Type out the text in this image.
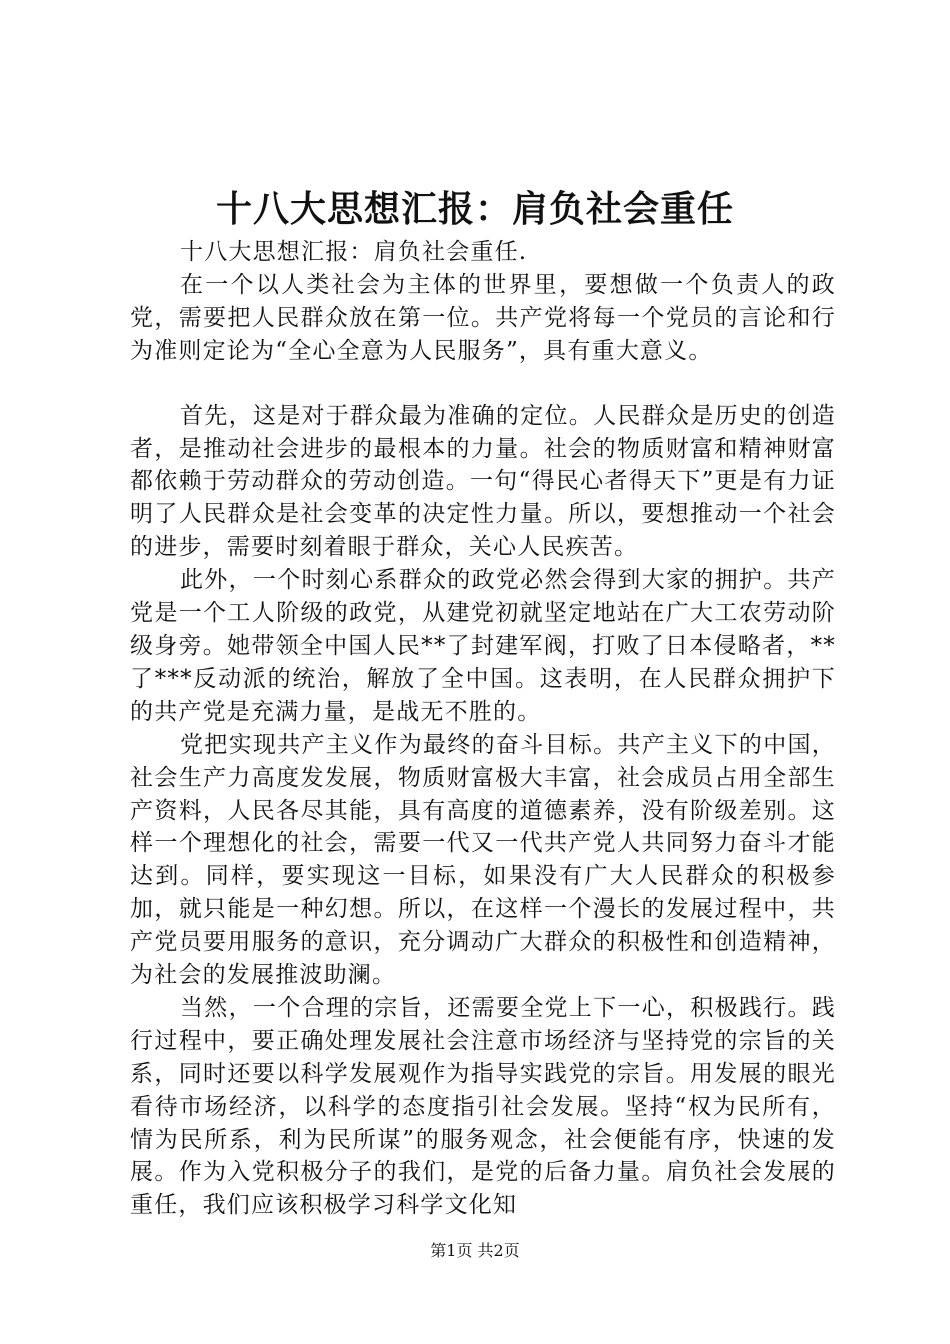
十八大思想汇报：肩负社会重任

十八大思想汇报：肩负社会重任.

在一个以人类社会为主体的世界里，要想做一个负责人的政党，需要把人民群众放在第一位。共产党将每一个党员的言论和行为准则定论为“全心全意为人民服务”，具有重大意义。

首先，这是对于群众最为准确的定位。人民群众是历史的创造者，是推动社会进步的最根本的力量。社会的物质财富和精神财富都依赖于劳动群众的劳动创造。一句“得民心者得天下”更是有力证明了人民群众是社会变革的决定性力量。所以，要想推动一个社会的进步，需要时刻着眼于群众，关心人民疾苦。

此外，一个时刻心系群众的政党必然会得到大家的拥护。共产党是一个工人阶级的政党，从建党初就坚定地站在广大工农劳动阶级身旁。她带领全中国人民**了封建军阀，打败了日本侵略者，**了***反动派的统治，解放了全中国。这表明，在人民群众拥护下的共产党是充满力量，是战无不胜的。

党把实现共产主义作为最终的奋斗目标。共产主义下的中国，社会生产力高度发发展，物质财富极大丰富，社会成员占用全部生产资料，人民各尽其能，具有高度的道德素养，没有阶级差别。这样一个理想化的社会，需要一代又一代共产党人共同努力奋斗才能达到。同样，要实现这一目标，如果没有广大人民群众的积极参加，就只能是一种幻想。所以，在这样一个漫长的发展过程中，共产党员要用服务的意识，充分调动广大群众的积极性和创造精神，为社会的发展推波助澜。

当然，一个合理的宗旨，还需要全党上下一心，积极践行。践行过程中，要正确处理发展社会注意市场经济与坚持党的宗旨的关系，同时还要以科学发展观作为指导实践党的宗旨。用发展的眼光看待市场经济，以科学的态度指引社会发展。坚持“权为民所有，情为民所系，利为民所谋”的服务观念，社会便能有序，快速的发展。作为入党积极分子的我们，是党的后备力量。肩负社会发展的重任，我们应该积极学习科学文化知

第1页 共2页
